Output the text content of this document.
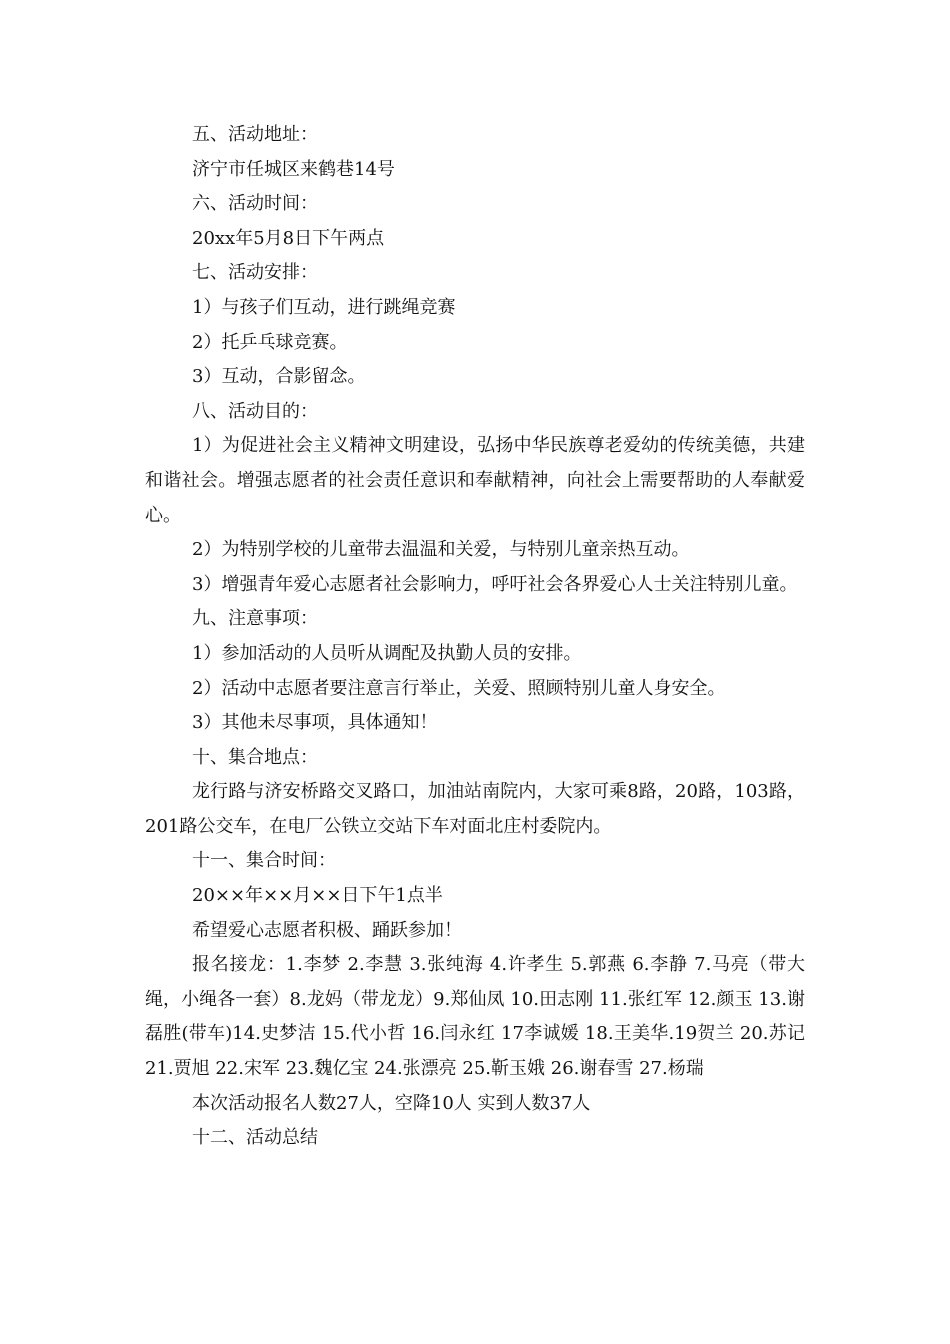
五、活动地址：

济宁市任城区来鹤巷14号

六、活动时间：

20xx年5月8日下午两点

七、活动安排：

1）与孩子们互动，进行跳绳竞赛

2）托乒乓球竞赛。

3）互动，合影留念。

八、活动目的：

1）为促进社会主义精神文明建设，弘扬中华民族尊老爱幼的传统美德，共建和谐社会。增强志愿者的社会责任意识和奉献精神，向社会上需要帮助的人奉献爱心。

2）为特别学校的儿童带去温温和关爱，与特别儿童亲热互动。

3）增强青年爱心志愿者社会影响力，呼吁社会各界爱心人士关注特别儿童。

九、注意事项：

1）参加活动的人员听从调配及执勤人员的安排。

2）活动中志愿者要注意言行举止，关爱、照顾特别儿童人身安全。

3）其他未尽事项，具体通知！

十、集合地点：

龙行路与济安桥路交叉路口，加油站南院内，大家可乘8路，20路，103路，201路公交车，在电厂公铁立交站下车对面北庄村委院内。

十一、集合时间：

20××年××月××日下午1点半

希望爱心志愿者积极、踊跃参加！

报名接龙：1.李梦 2.李慧 3.张纯海 4.许孝生 5.郭燕 6.李静 7.马亮（带大绳，小绳各一套）8.龙妈（带龙龙）9.郑仙凤 10.田志刚 11.张红军 12.颜玉 13.谢磊胜(带车)14.史梦洁 15.代小哲 16.闫永红 17李诚媛 18.王美华.19贺兰 20.苏记 21.贾旭 22.宋军 23.魏亿宝 24.张漂亮 25.靳玉娥 26.谢春雪 27.杨瑞

本次活动报名人数27人，空降10人 实到人数37人

十二、活动总结
